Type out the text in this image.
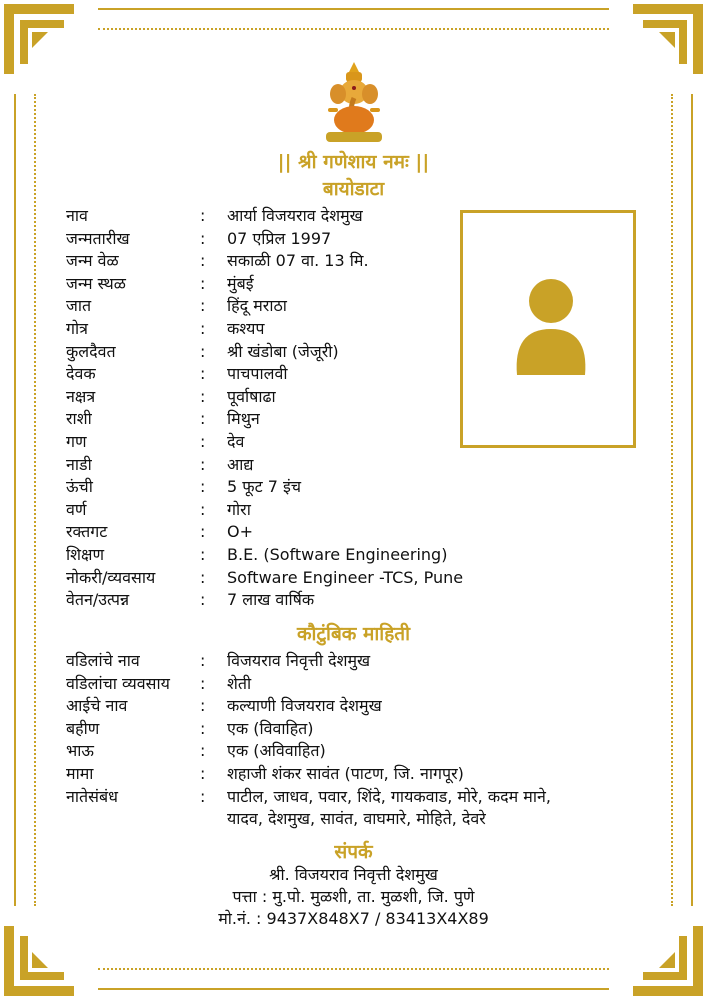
|| श्री गणेशाय नमः ||
बायोडाटा
नाव	: आर्या विजयराव देशमुख
जन्मतारीख	: 07 एप्रिल 1997
जन्म वेळ	: सकाळी 07 वा. 13 मि.
जन्म स्थळ	: मुंबई
जात	: हिंदू मराठा
गोत्र	: कश्यप
कुलदैवत	: श्री खंडोबा (जेजूरी)
देवक	: पाचपालवी
नक्षत्र	: पूर्वाषाढा
राशी	: मिथुन
गण	: देव
नाडी	: आद्य
ऊंची	: 5 फूट 7 इंच
वर्ण	: गोरा
रक्तगट	: O+
शिक्षण	: B.E. (Software Engineering)
नोकरी/व्यवसाय	: Software Engineer -TCS, Pune
वेतन/उत्पन्न	: 7 लाख वार्षिक
कौटुंबिक माहिती
वडिलांचे नाव	: विजयराव निवृत्ती देशमुख
वडिलांचा व्यवसाय : शेती
आईचे नाव	: कल्याणी विजयराव देशमुख
बहीण	: एक (विवाहित)
भाऊ	: एक (अविवाहित)
मामा	: शहाजी शंकर सावंत (पाटण, जि. नागपूर)
नातेसंबंध	: पाटील, जाधव, पवार, शिंदे, गायकवाड, मोरे, कदम माने, यादव, देशमुख, सावंत, वाघमारे, मोहिते, देवरे
संपर्क
श्री. विजयराव निवृत्ती देशमुख
पत्ता : मु.पो. मुळशी, ता. मुळशी, जि. पुणे
मो.नं. : 9437X848X7 / 83413X4X89
